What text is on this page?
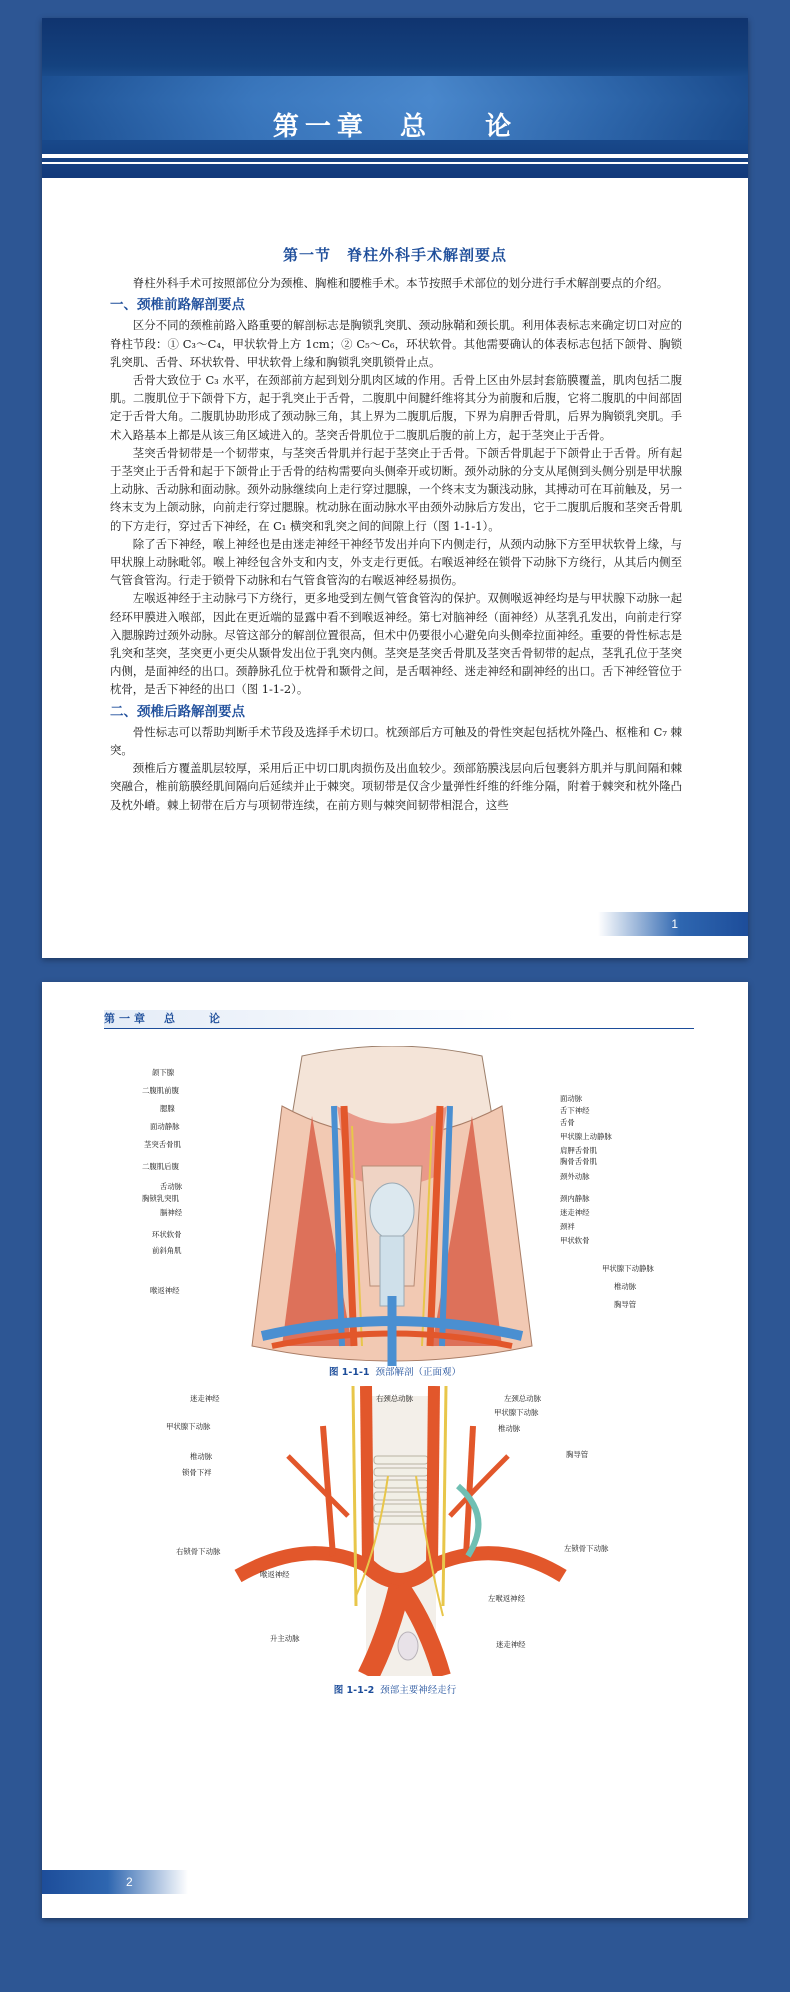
第一章 总 论
第一节　脊柱外科手术解剖要点

脊柱外科手术可按照部位分为颈椎、胸椎和腰椎手术。本节按照手术部位的划分进行手术解剖要点的介绍。

一、颈椎前路解剖要点

区分不同的颈椎前路入路重要的解剖标志是胸锁乳突肌、颈动脉鞘和颈长肌。利用体表标志来确定切口对应的脊柱节段：① C₃～C₄，甲状软骨上方 1cm；② C₅～C₆，环状软骨。其他需要确认的体表标志包括下颌骨、胸锁乳突肌、舌骨、环状软骨、甲状软骨上缘和胸锁乳突肌锁骨止点。

舌骨大致位于 C₃ 水平，在颈部前方起到划分肌肉区域的作用。舌骨上区由外层封套筋膜覆盖，肌肉包括二腹肌。二腹肌位于下颌骨下方，起于乳突止于舌骨，二腹肌中间腱纤维将其分为前腹和后腹，它将二腹肌的中间部固定于舌骨大角。二腹肌协助形成了颈动脉三角，其上界为二腹肌后腹，下界为肩胛舌骨肌，后界为胸锁乳突肌。手术入路基本上都是从该三角区域进入的。茎突舌骨肌位于二腹肌后腹的前上方，起于茎突止于舌骨。

茎突舌骨韧带是一个韧带束，与茎突舌骨肌并行起于茎突止于舌骨。下颌舌骨肌起于下颌骨止于舌骨。所有起于茎突止于舌骨和起于下颌骨止于舌骨的结构需要向头侧牵开或切断。颈外动脉的分支从尾侧到头侧分别是甲状腺上动脉、舌动脉和面动脉。颈外动脉继续向上走行穿过腮腺，一个终末支为颞浅动脉，其搏动可在耳前触及，另一终末支为上颌动脉，向前走行穿过腮腺。枕动脉在面动脉水平由颈外动脉后方发出，它于二腹肌后腹和茎突舌骨肌的下方走行，穿过舌下神经，在 C₁ 横突和乳突之间的间隙上行（图 1-1-1）。

除了舌下神经，喉上神经也是由迷走神经干神经节发出并向下内侧走行，从颈内动脉下方至甲状软骨上缘，与甲状腺上动脉毗邻。喉上神经包含外支和内支，外支走行更低。右喉返神经在锁骨下动脉下方绕行，从其后内侧至气管食管沟。行走于锁骨下动脉和右气管食管沟的右喉返神经易损伤。

左喉返神经于主动脉弓下方绕行，更多地受到左侧气管食管沟的保护。双侧喉返神经均是与甲状腺下动脉一起经环甲膜进入喉部，因此在更近端的显露中看不到喉返神经。第七对脑神经（面神经）从茎乳孔发出，向前走行穿入腮腺跨过颈外动脉。尽管这部分的解剖位置很高，但术中仍要很小心避免向头侧牵拉面神经。重要的骨性标志是乳突和茎突，茎突更小更尖从颞骨发出位于乳突内侧。茎突是茎突舌骨肌及茎突舌骨韧带的起点，茎乳孔位于茎突内侧，是面神经的出口。颈静脉孔位于枕骨和颞骨之间，是舌咽神经、迷走神经和副神经的出口。舌下神经管位于枕骨，是舌下神经的出口（图 1-1-2）。

二、颈椎后路解剖要点

骨性标志可以帮助判断手术节段及选择手术切口。枕颈部后方可触及的骨性突起包括枕外隆凸、枢椎和 C₇ 棘突。

颈椎后方覆盖肌层较厚，采用后正中切口肌肉损伤及出血较少。颈部筋膜浅层向后包裹斜方肌并与肌间隔和棘突融合，椎前筋膜经肌间隔向后延续并止于棘突。项韧带是仅含少量弹性纤维的纤维分隔，附着于棘突和枕外隆凸及枕外嵴。棘上韧带在后方与项韧带连续，在前方则与棘突间韧带相混合，这些

1
第一章　总　　论
颌下腺
二腹肌前腹
腮腺
面动静脉
茎突舌骨肌
二腹肌后腹
舌动脉
胸锁乳突肌
膈神经
环状软骨
前斜角肌
喉返神经
面动脉
舌下神经
舌骨
甲状腺上动静脉
肩胛舌骨肌
胸骨舌骨肌
颈外动脉
颈内静脉
迷走神经
颈袢
甲状软骨
甲状腺下动静脉
椎动脉
胸导管
图 1-1-1 颈部解剖（正面观）
迷走神经
甲状腺下动脉
椎动脉
锁骨下袢
右锁骨下动脉
喉返神经
升主动脉
右颈总动脉	左颈总动脉
甲状腺下动脉
椎动脉
胸导管
左锁骨下动脉
左喉返神经
迷走神经
图 1-1-2 颈部主要神经走行
2
